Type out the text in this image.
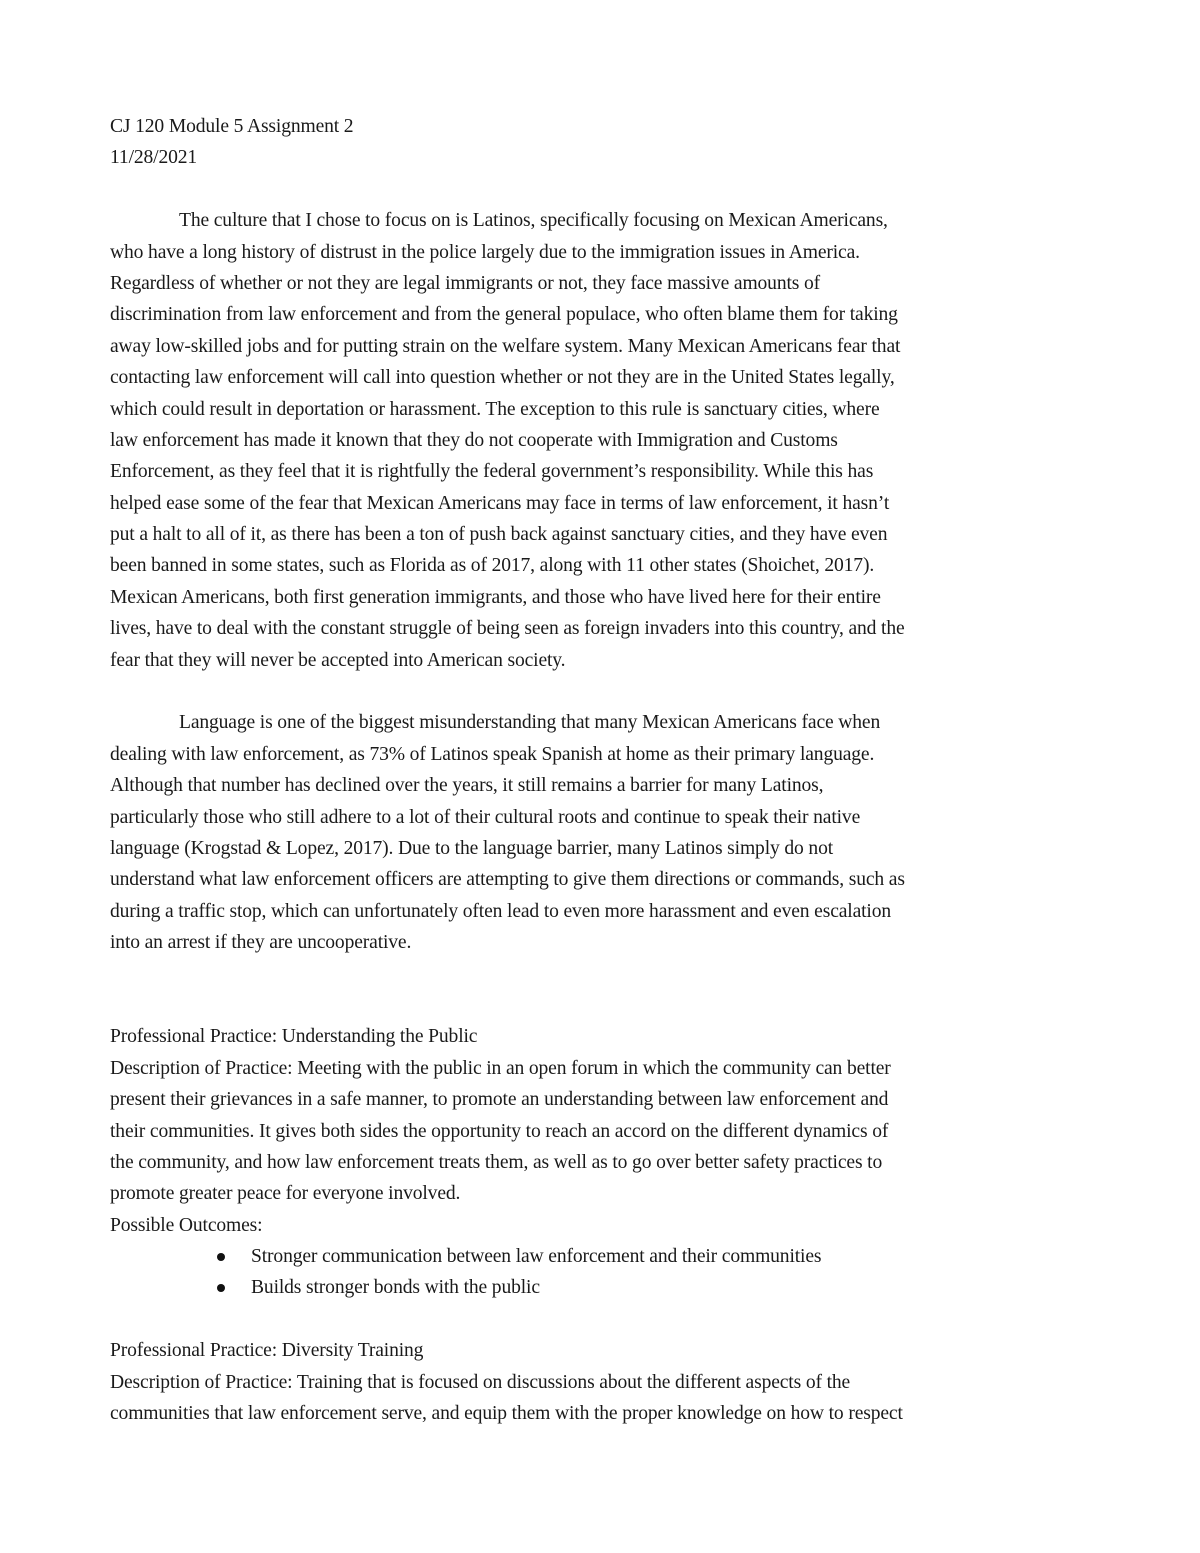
CJ 120 Module 5 Assignment 2
11/28/2021
The culture that I chose to focus on is Latinos, specifically focusing on Mexican Americans,
who have a long history of distrust in the police largely due to the immigration issues in America.
Regardless of whether or not they are legal immigrants or not, they face massive amounts of
discrimination from law enforcement and from the general populace, who often blame them for taking
away low-skilled jobs and for putting strain on the welfare system. Many Mexican Americans fear that
contacting law enforcement will call into question whether or not they are in the United States legally,
which could result in deportation or harassment. The exception to this rule is sanctuary cities, where
law enforcement has made it known that they do not cooperate with Immigration and Customs
Enforcement, as they feel that it is rightfully the federal government’s responsibility. While this has
helped ease some of the fear that Mexican Americans may face in terms of law enforcement, it hasn’t
put a halt to all of it, as there has been a ton of push back against sanctuary cities, and they have even
been banned in some states, such as Florida as of 2017, along with 11 other states (Shoichet, 2017).
Mexican Americans, both first generation immigrants, and those who have lived here for their entire
lives, have to deal with the constant struggle of being seen as foreign invaders into this country, and the
fear that they will never be accepted into American society.
Language is one of the biggest misunderstanding that many Mexican Americans face when
dealing with law enforcement, as 73% of Latinos speak Spanish at home as their primary language.
Although that number has declined over the years, it still remains a barrier for many Latinos,
particularly those who still adhere to a lot of their cultural roots and continue to speak their native
language (Krogstad & Lopez, 2017). Due to the language barrier, many Latinos simply do not
understand what law enforcement officers are attempting to give them directions or commands, such as
during a traffic stop, which can unfortunately often lead to even more harassment and even escalation
into an arrest if they are uncooperative.
Professional Practice: Understanding the Public
Description of Practice: Meeting with the public in an open forum in which the community can better
present their grievances in a safe manner, to promote an understanding between law enforcement and
their communities. It gives both sides the opportunity to reach an accord on the different dynamics of
the community, and how law enforcement treats them, as well as to go over better safety practices to
promote greater peace for everyone involved.
Possible Outcomes:
Stronger communication between law enforcement and their communities
Builds stronger bonds with the public
Professional Practice: Diversity Training
Description of Practice: Training that is focused on discussions about the different aspects of the
communities that law enforcement serve, and equip them with the proper knowledge on how to respect
